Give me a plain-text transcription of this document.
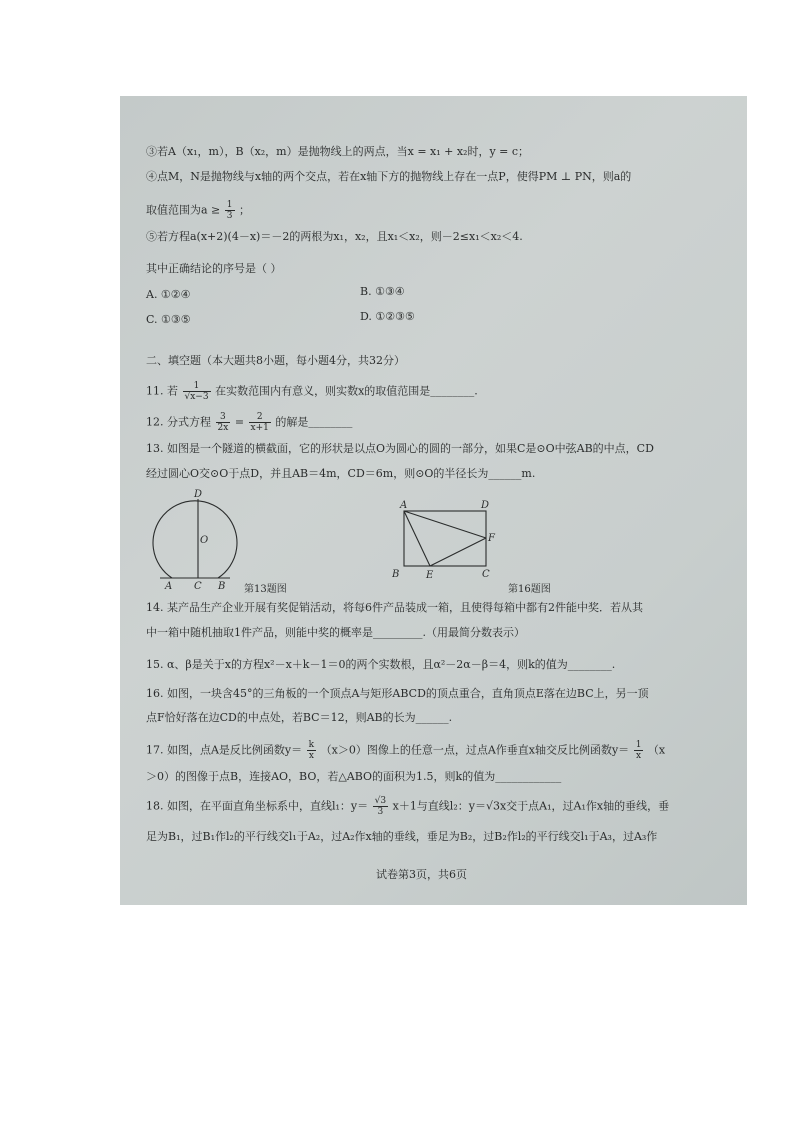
③若A（x₁，m），B（x₂，m）是抛物线上的两点，当x = x₁ + x₂时，y = c；
④点M，N是抛物线与x轴的两个交点，若在x轴下方的抛物线上存在一点P，使得PM ⊥ PN，则a的
取值范围为$a \ge \frac{1}{3}$ ；
⑤若方程a(x+2)(4－x)＝－2的两根为x₁，x₂，且x₁＜x₂，则－2≤x₁＜x₂＜4.
其中正确结论的序号是（ ）
A. ①②④	B. ①③④
C. ①③⑤	D. ①②③⑤
二、填空题（本大题共8小题，每小题4分，共32分）
11. 若 $\frac{1}{√x-3}$ 在实数范围内有意义，则实数x的取值范围是________.
12. 分式方程 $\frac{3}{2x} = \frac{2}{x+1}$ 的解是________
13. 如图是一个隧道的横截面，它的形状是以点O为圆心的圆的一部分，如果C是⊙O中弦AB的中点，CD
经过圆心O交⊙O于点D，并且AB＝4m，CD＝6m，则⊙O的半径长为______m.
D
O
A C B 第13题图
A	D
F
B	E	C
第16题图
14. 某产品生产企业开展有奖促销活动，将每6件产品装成一箱，且使得每箱中都有2件能中奖．若从其
中一箱中随机抽取1件产品，则能中奖的概率是_________.（用最简分数表示）
15. α、β是关于x的方程x²－x＋k－1＝0的两个实数根，且α²－2α－β＝4，则k的值为________.
16. 如图，一块含45°的三角板的一个顶点A与矩形ABCD的顶点重合，直角顶点E落在边BC上，另一顶
点F恰好落在边CD的中点处，若BC＝12，则AB的长为______.
17. 如图，点A是反比例函数$y= \frac{k}{x} (x>0)$图像上的任意一点，过点A作垂直x轴交反比例函数$y= \frac{1}{x} (x$
＞0）的图像于点B，连接AO，BO，若△ABO的面积为1.5，则k的值为____________
18. 如图，在平面直角坐标系中，直线l₁：$y= \frac{√3}{3} x+1$与直线l₂：y＝√3x交于点A₁，过A₁作x轴的垂线，垂
足为B₁，过B₁作l₂的平行线交l₁于A₂，过A₂作x轴的垂线，垂足为B₂，过B₂作l₂的平行线交l₁于A₃，过A₃作
试卷第3页，共6页
